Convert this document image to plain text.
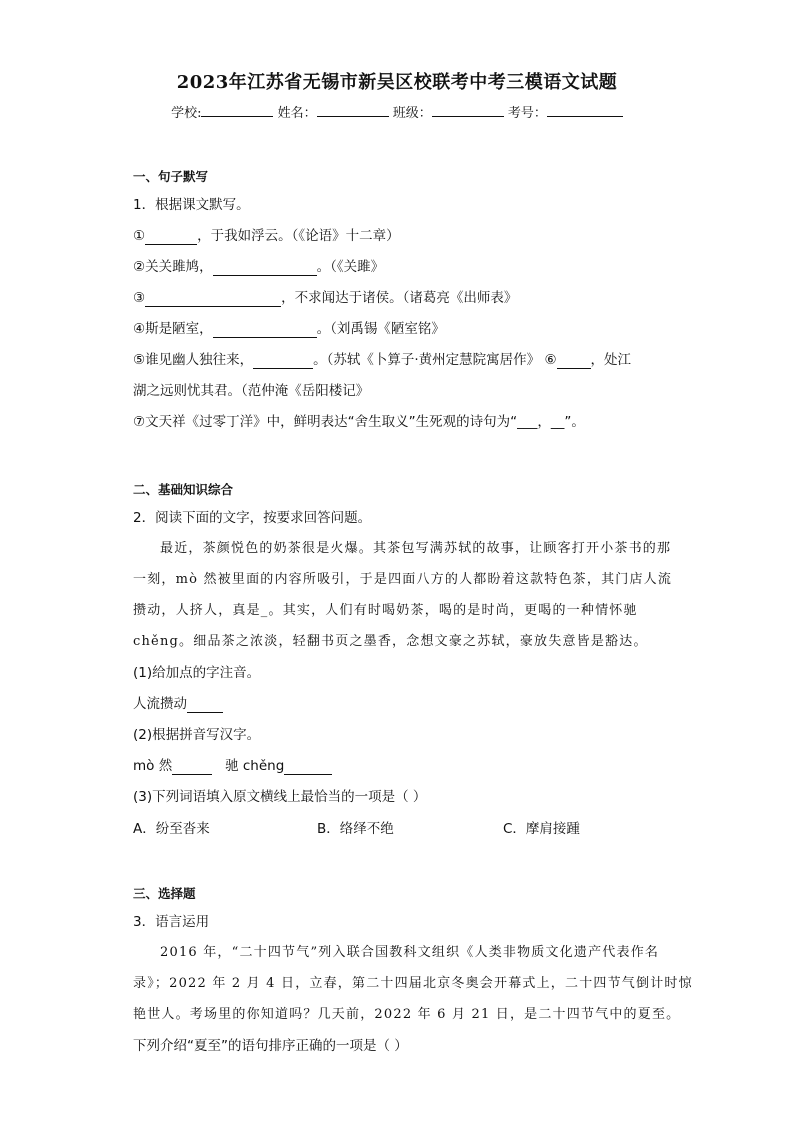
2023年江苏省无锡市新吴区校联考中考三模语文试题
学校:	姓名：	班级：	考号：
一、句子默写
1．根据课文默写。
①	，于我如浮云。（《论语》十二章）
②关关雎鸠，	。（《关雎》
③	，不求闻达于诸侯。（诸葛亮《出师表》
④斯是陋室，	。（刘禹锡《陋室铭》
⑤谁见幽人独往来，	。（苏轼《卜算子·黄州定慧院寓居作》 ⑥	，处江
湖之远则忧其君。（范仲淹《岳阳楼记》
⑦文天祥《过零丁洋》中，鲜明表达“舍生取义”生死观的诗句为“___，__”。
二、基础知识综合
2．阅读下面的文字，按要求回答问题。
最近，茶颜悦色的奶茶很是火爆。其茶包写满苏轼的故事，让顾客打开小茶书的那
一刻，mò 然被里面的内容所吸引，于是四面八方的人都盼着这款特色茶，其门店人流
攒动，人挤人，真是_。其实，人们有时喝奶茶，喝的是时尚，更喝的一种情怀驰
chěng。细品茶之浓淡，轻翻书页之墨香，念想文豪之苏轼，豪放失意皆是豁达。
(1)给加点的字注音。
人流攒动
(2)根据拼音写汉字。
mò 然	驰 chěng
(3)下列词语填入原文横线上最恰当的一项是（ ）
A．纷至沓来	B．络绎不绝	C．摩肩接踵
三、选择题
3．语言运用
2016 年，“二十四节气”列入联合国教科文组织《人类非物质文化遗产代表作名
录》；2022 年 2 月 4 日，立春，第二十四届北京冬奥会开幕式上，二十四节气倒计时惊
艳世人。考场里的你知道吗？几天前，2022 年 6 月 21 日，是二十四节气中的夏至。
下列介绍“夏至”的语句排序正确的一项是（ ）
